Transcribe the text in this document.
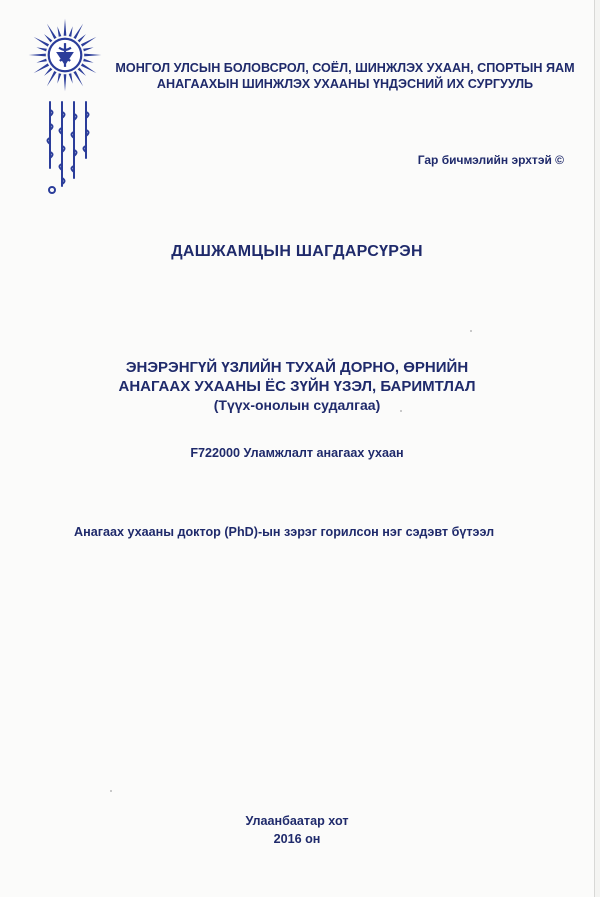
МОНГОЛ УЛСЫН БОЛОВСРОЛ, СОЁЛ, ШИНЖЛЭХ УХААН, СПОРТЫН ЯАМ
АНАГААХЫН ШИНЖЛЭХ УХААНЫ ҮНДЭСНИЙ ИХ СУРГУУЛЬ
Гар бичмэлийн эрхтэй ©
ДАШЖАМЦЫН ШАГДАРСҮРЭН
ЭНЭРЭНГҮЙ ҮЗЛИЙН ТУХАЙ ДОРНО, ӨРНИЙН
АНАГААХ УХААНЫ ЁС ЗҮЙН ҮЗЭЛ, БАРИМТЛАЛ
(Түүх-онолын судалгаа)
F722000 Уламжлалт анагаах ухаан
Анагаах ухааны доктор (PhD)-ын зэрэг горилсон нэг сэдэвт бүтээл
Улаанбаатар хот
2016 он
